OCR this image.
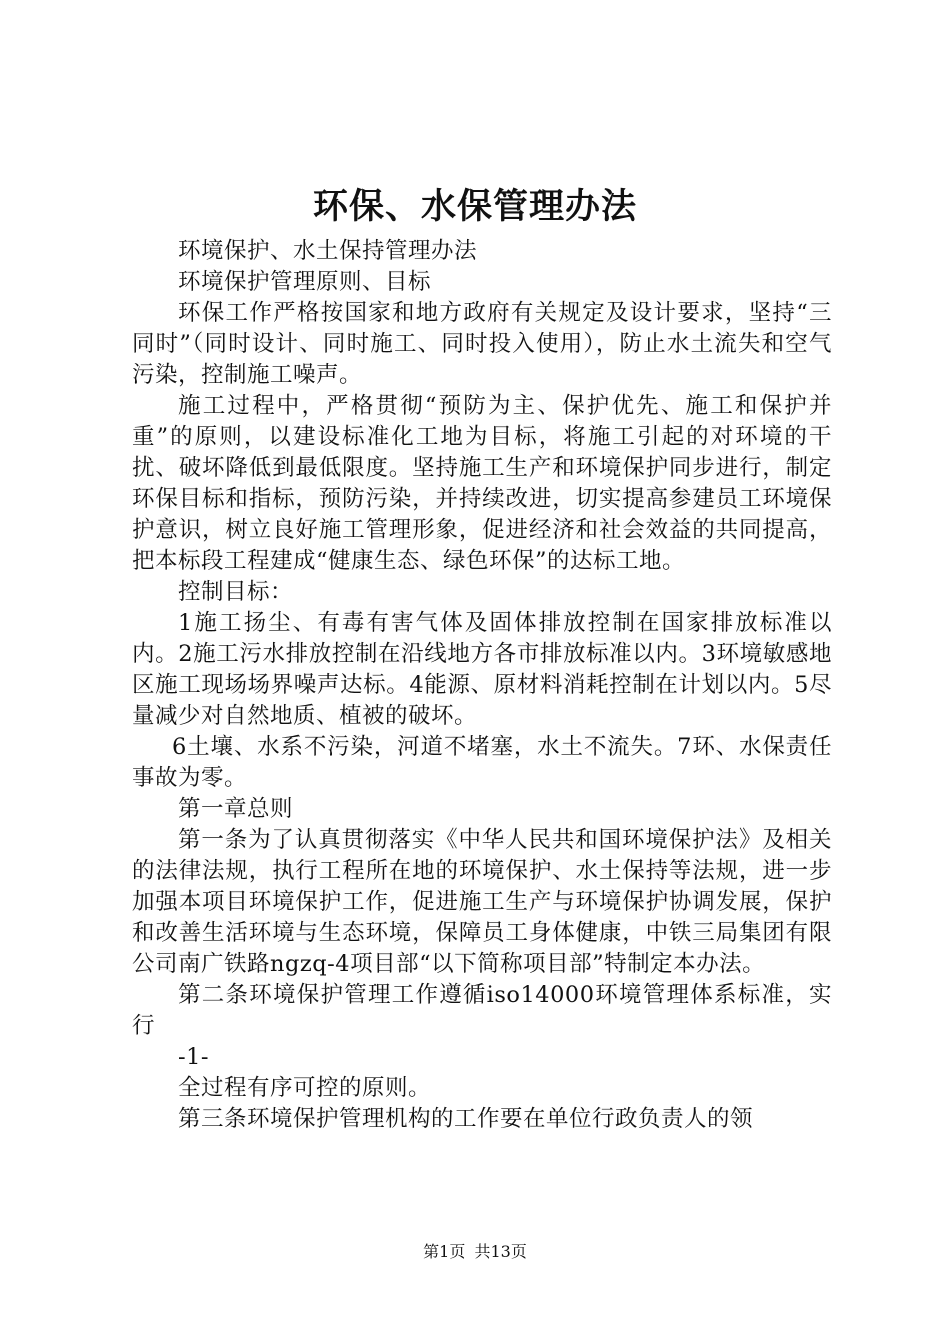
环保、水保管理办法

环境保护、水土保持管理办法

环境保护管理原则、目标

环保工作严格按国家和地方政府有关规定及设计要求，坚持“三同时”（同时设计、同时施工、同时投入使用），防止水土流失和空气污染，控制施工噪声。

施工过程中，严格贯彻“预防为主、保护优先、施工和保护并重”的原则，以建设标准化工地为目标，将施工引起的对环境的干扰、破坏降低到最低限度。坚持施工生产和环境保护同步进行，制定环保目标和指标，预防污染，并持续改进，切实提高参建员工环境保护意识，树立良好施工管理形象，促进经济和社会效益的共同提高，把本标段工程建成“健康生态、绿色环保”的达标工地。

控制目标：

1施工扬尘、有毒有害气体及固体排放控制在国家排放标准以内。2施工污水排放控制在沿线地方各市排放标准以内。3环境敏感地区施工现场场界噪声达标。4能源、原材料消耗控制在计划以内。5尽量减少对自然地质、植被的破坏。

6土壤、水系不污染，河道不堵塞，水土不流失。7环、水保责任事故为零。

第一章总则

第一条为了认真贯彻落实《中华人民共和国环境保护法》及相关的法律法规，执行工程所在地的环境保护、水土保持等法规，进一步加强本项目环境保护工作，促进施工生产与环境保护协调发展，保护和改善生活环境与生态环境，保障员工身体健康，中铁三局集团有限公司南广铁路ngzq-4项目部“以下简称项目部”特制定本办法。

第二条环境保护管理工作遵循iso14000环境管理体系标准，实行

-1-

全过程有序可控的原则。

第三条环境保护管理机构的工作要在单位行政负责人的领

第1页 共13页
